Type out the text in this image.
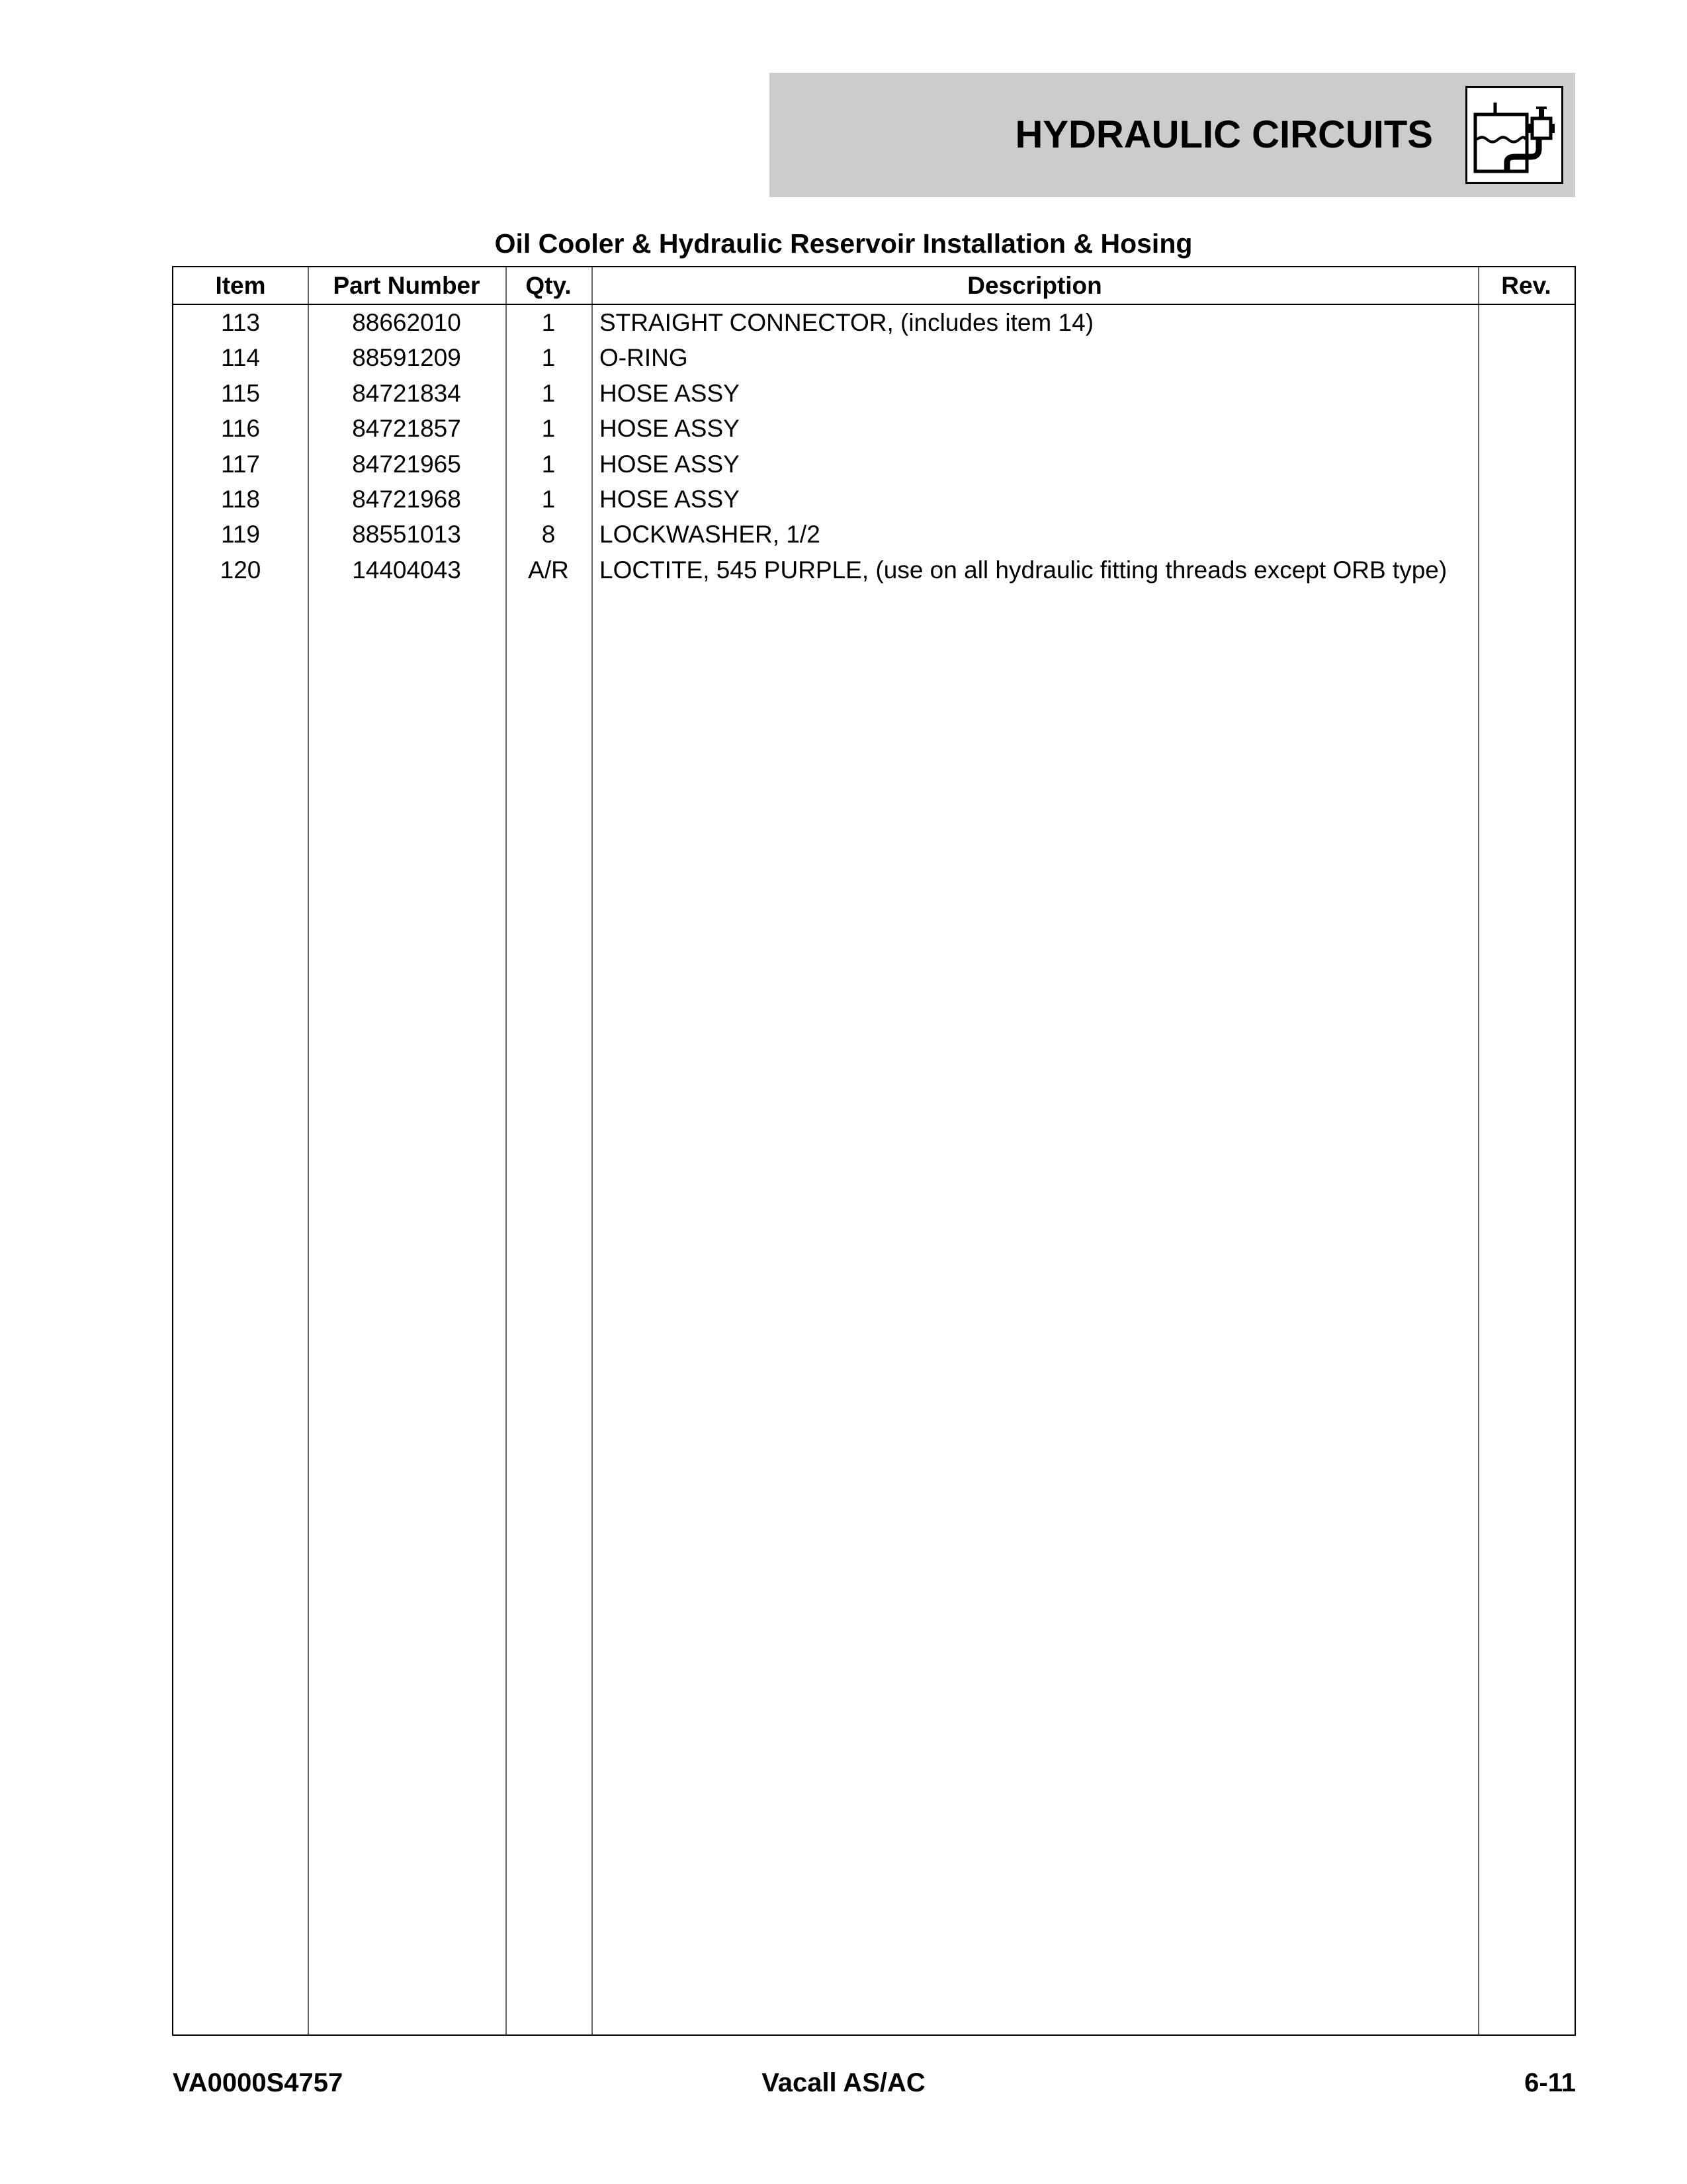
HYDRAULIC CIRCUITS
Oil Cooler & Hydraulic Reservoir Installation & Hosing
Item	Part Number	Qty.	Description	Rev.
113	88662010	1	STRAIGHT CONNECTOR, (includes item 14)
114	88591209	1	O-RING
115	84721834	1	HOSE ASSY
116	84721857	1	HOSE ASSY
117	84721965	1	HOSE ASSY
118	84721968	1	HOSE ASSY
119	88551013	8	LOCKWASHER, 1/2
120	14404043	A/R	LOCTITE, 545 PURPLE, (use on all hydraulic fitting threads except ORB type)
VA0000S4757	Vacall AS/AC	6-11
